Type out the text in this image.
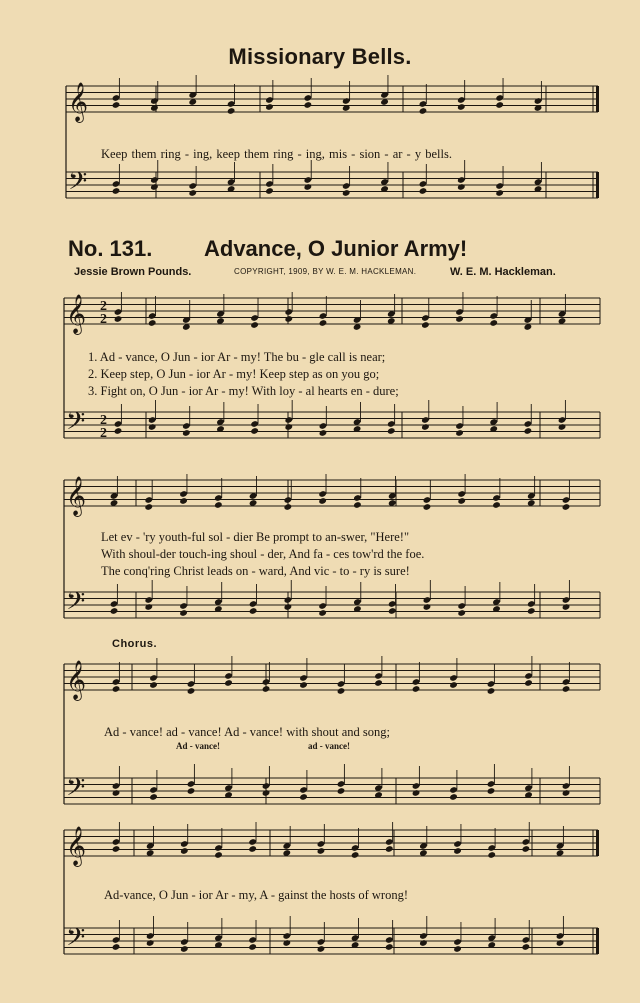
𝄞
𝄢
𝄞
𝄢
𝄞
𝄢
𝄞
𝄢
𝄞
𝄢
2
2
2
2
Missionary Bells.
Keep them ring - ing, keep them ring - ing, mis - sion - ar - y bells.
No. 131. Advance, O Junior Army!
Jessie Brown Pounds.	COPYRIGHT, 1909, BY W. E. M. HACKLEMAN.	W. E. M. Hackleman.
1. Ad - vance, O Jun - ior Ar - my! The bu - gle call is near;
2. Keep step, O Jun - ior Ar - my! Keep step as on you go;
3. Fight on, O Jun - ior Ar - my! With loy - al hearts en - dure;
Let ev - 'ry youth-ful sol - dier Be prompt to an-swer, "Here!"
With shoul-der touch-ing shoul - der, And fa - ces tow'rd the foe.
The conq'ring Christ leads on - ward, And vic - to - ry is sure!
Chorus.
Ad - vance! ad - vance! Ad - vance! with shout and song;
Ad - vance!	ad - vance!
Ad-vance, O Jun - ior Ar - my, A - gainst the hosts of wrong!
